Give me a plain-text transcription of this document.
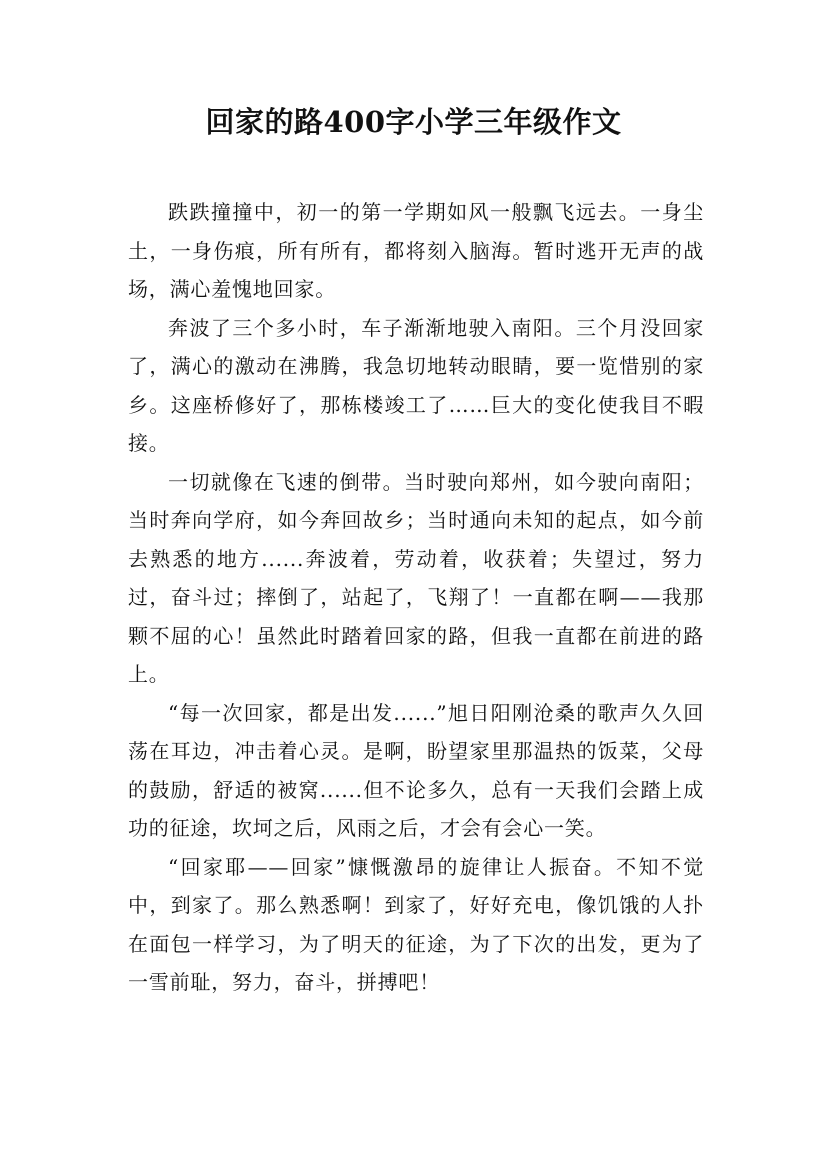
回家的路400字小学三年级作文

跌跌撞撞中，初一的第一学期如风一般飘飞远去。一身尘土，一身伤痕，所有所有，都将刻入脑海。暂时逃开无声的战场，满心羞愧地回家。

奔波了三个多小时，车子渐渐地驶入南阳。三个月没回家了，满心的激动在沸腾，我急切地转动眼睛，要一览惜别的家乡。这座桥修好了，那栋楼竣工了……巨大的变化使我目不暇接。

一切就像在飞速的倒带。当时驶向郑州，如今驶向南阳；当时奔向学府，如今奔回故乡；当时通向未知的起点，如今前去熟悉的地方......奔波着，劳动着，收获着；失望过，努力过，奋斗过；摔倒了，站起了，飞翔了！一直都在啊——我那颗不屈的心！虽然此时踏着回家的路，但我一直都在前进的路上。

“每一次回家，都是出发......”旭日阳刚沧桑的歌声久久回荡在耳边，冲击着心灵。是啊，盼望家里那温热的饭菜，父母的鼓励，舒适的被窝......但不论多久，总有一天我们会踏上成功的征途，坎坷之后，风雨之后，才会有会心一笑。

“回家耶——回家”慷慨激昂的旋律让人振奋。不知不觉中，到家了。那么熟悉啊！到家了，好好充电，像饥饿的人扑在面包一样学习，为了明天的征途，为了下次的出发，更为了一雪前耻，努力，奋斗，拼搏吧！
